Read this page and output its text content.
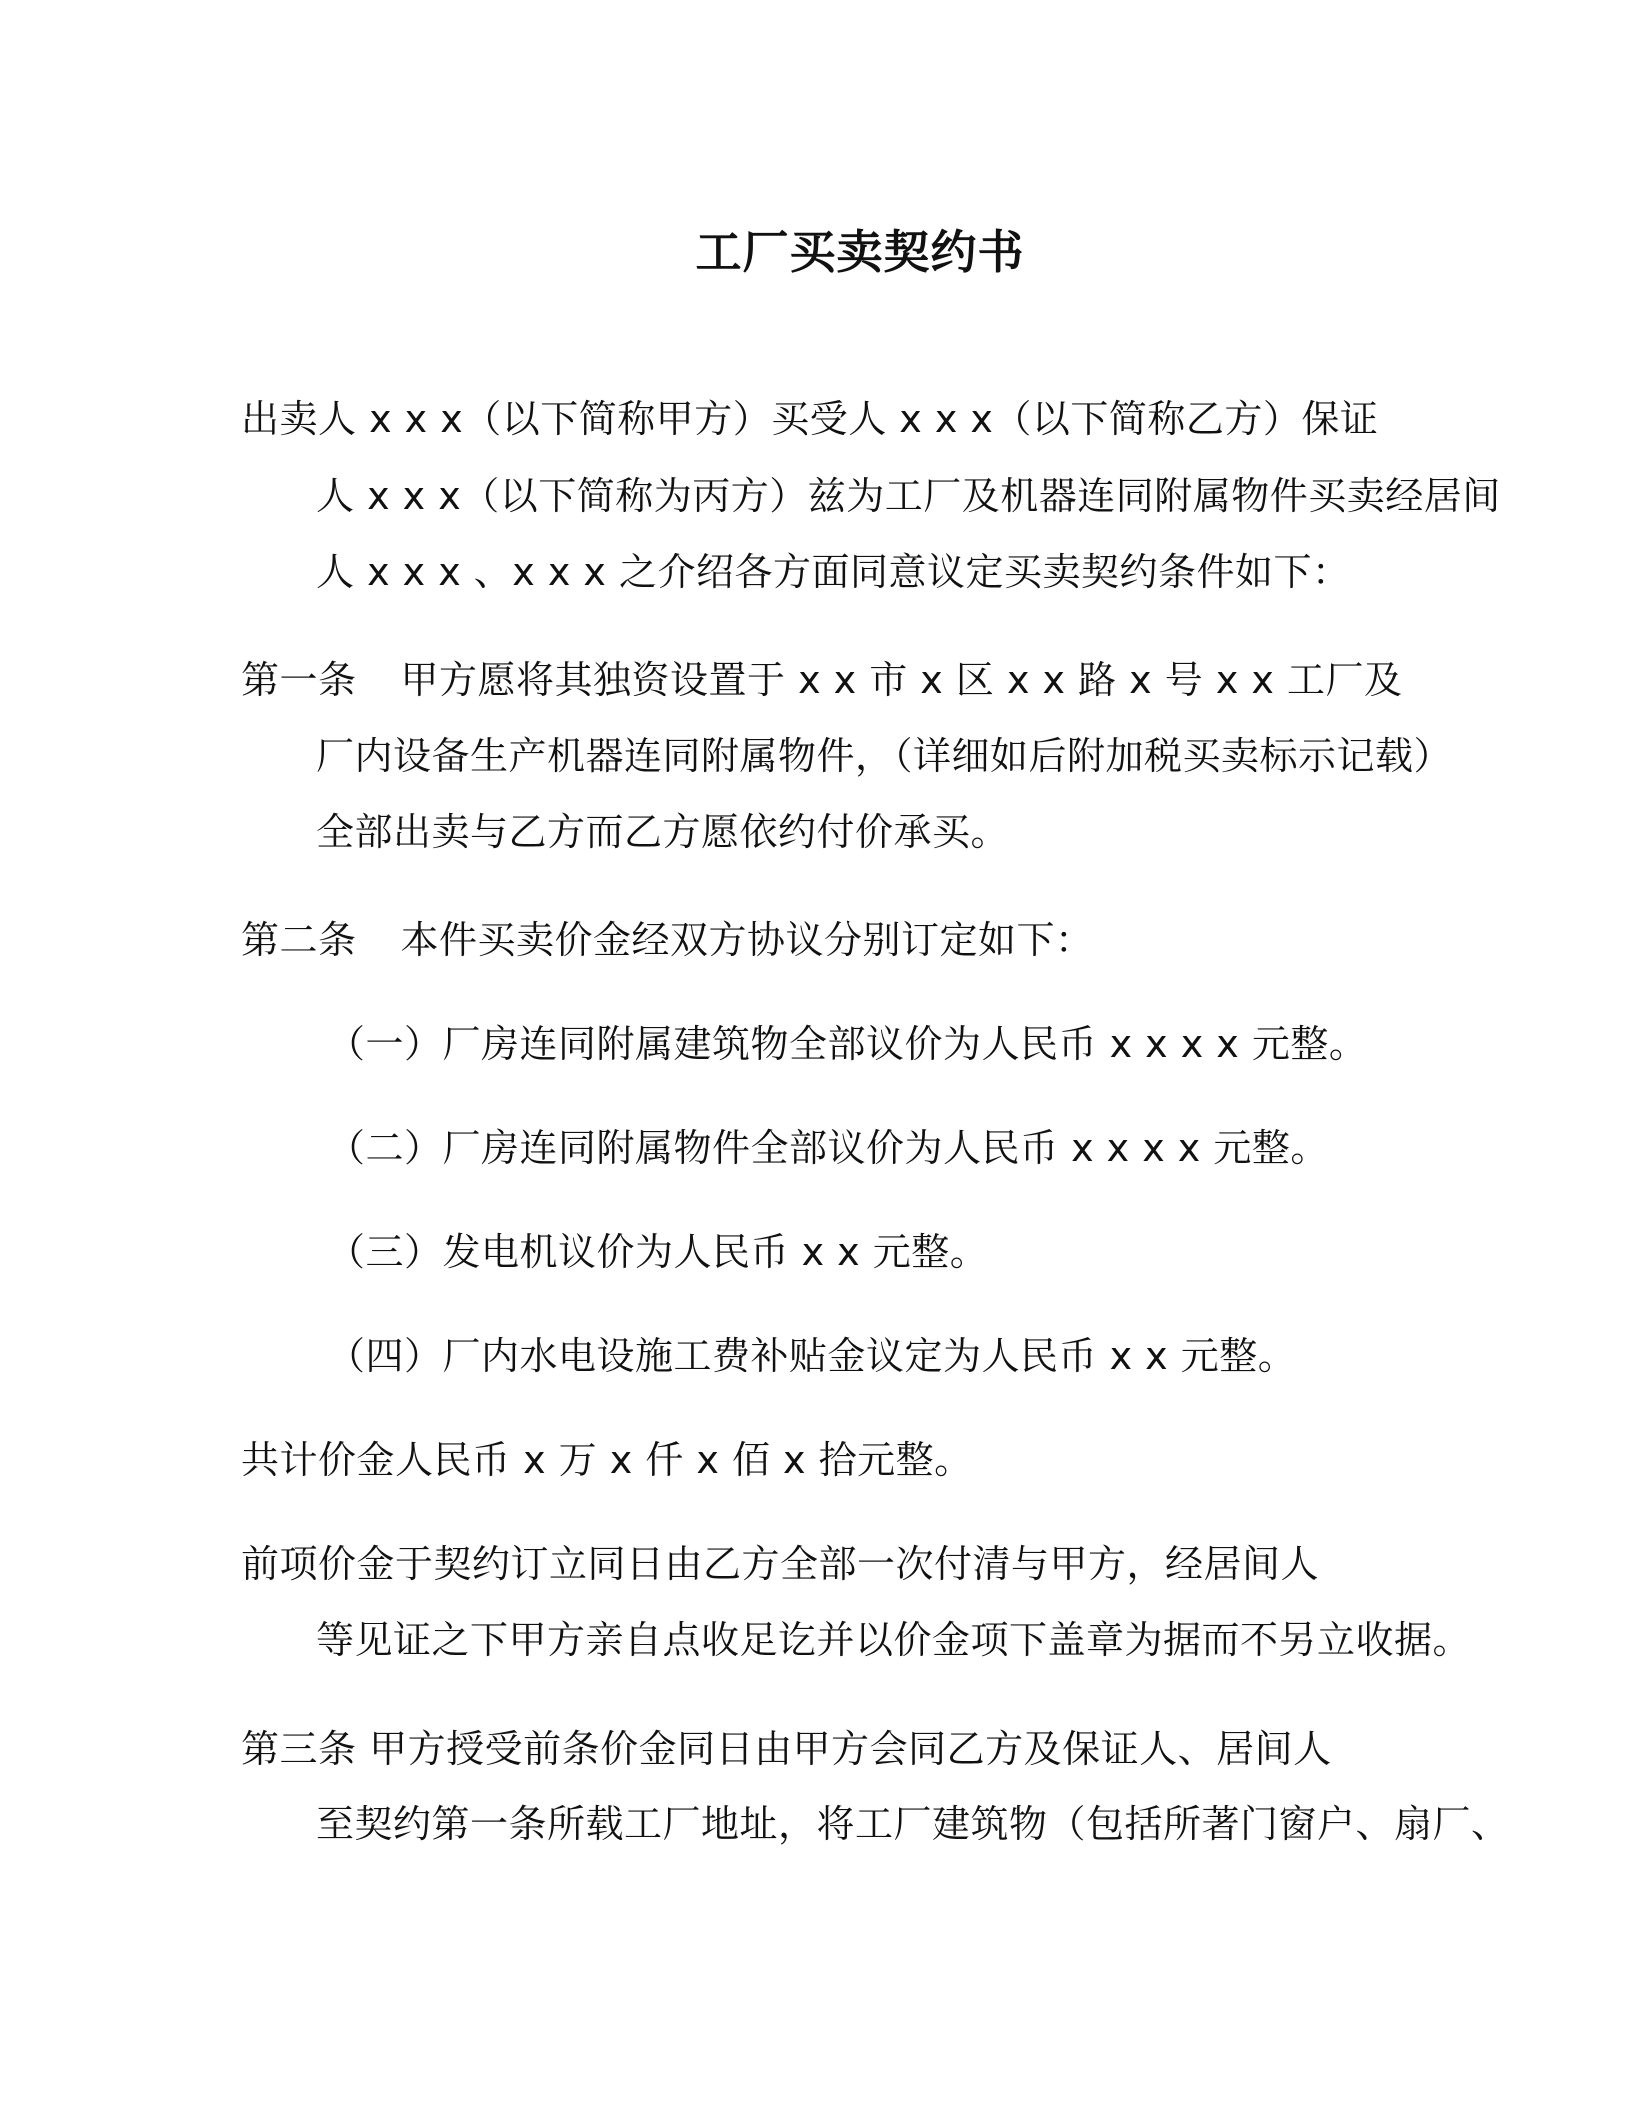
工厂买卖契约书
出卖人 x x x（以下简称甲方）买受人 x x x（以下简称乙方）保证
人 x x x（以下简称为丙方）兹为工厂及机器连同附属物件买卖经居间
人 x x x 、x x x 之介绍各方面同意议定买卖契约条件如下：
第一条 甲方愿将其独资设置于 x x 市 x 区 x x 路 x 号 x x 工厂及
厂内设备生产机器连同附属物件，（详细如后附加税买卖标示记载）
全部出卖与乙方而乙方愿依约付价承买。
第二条 本件买卖价金经双方协议分别订定如下：
（一）厂房连同附属建筑物全部议价为人民币 x x x x 元整。
（二）厂房连同附属物件全部议价为人民币 x x x x 元整。
（三）发电机议价为人民币 x x 元整。
（四）厂内水电设施工费补贴金议定为人民币 x x 元整。
共计价金人民币 x 万 x 仟 x 佰 x 拾元整。
前项价金于契约订立同日由乙方全部一次付清与甲方，经居间人
等见证之下甲方亲自点收足讫并以价金项下盖章为据而不另立收据。
第三条 甲方授受前条价金同日由甲方会同乙方及保证人、居间人
至契约第一条所载工厂地址，将工厂建筑物（包括所著门窗户、扇厂、
